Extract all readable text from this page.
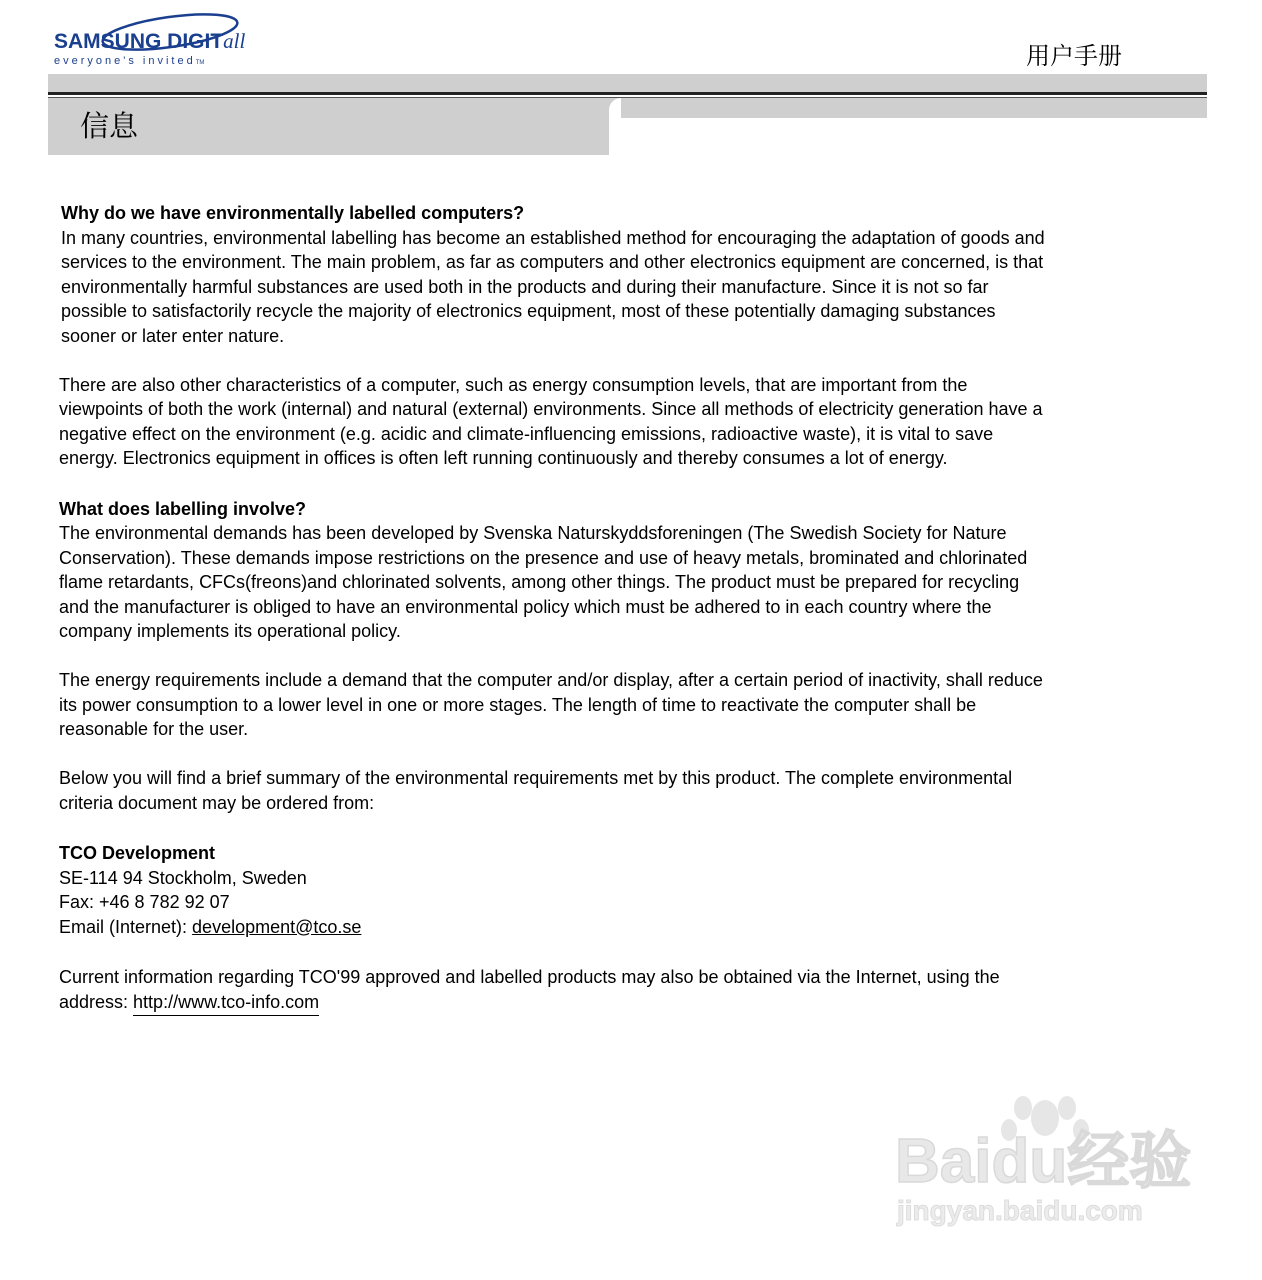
SAMSUNG DIGITall
everyone's invitedTM	用户手册
信息

Why do we have environmentally labelled computers?

In many countries, environmental labelling has become an established method for encouraging the adaptation of goods and services to the environment. The main problem, as far as computers and other electronics equipment are concerned, is that environmentally harmful substances are used both in the products and during their manufacture. Since it is not so far possible to satisfactorily recycle the majority of electronics equipment, most of these potentially damaging substances sooner or later enter nature.

There are also other characteristics of a computer, such as energy consumption levels, that are important from the viewpoints of both the work (internal) and natural (external) environments. Since all methods of electricity generation have a negative effect on the environment (e.g. acidic and climate-influencing emissions, radioactive waste), it is vital to save energy. Electronics equipment in offices is often left running continuously and thereby consumes a lot of energy.

What does labelling involve?

The environmental demands has been developed by Svenska Naturskyddsforeningen (The Swedish Society for Nature Conservation). These demands impose restrictions on the presence and use of heavy metals, brominated and chlorinated flame retardants, CFCs(freons)and chlorinated solvents, among other things. The product must be prepared for recycling and the manufacturer is obliged to have an environmental policy which must be adhered to in each country where the company implements its operational policy.

The energy requirements include a demand that the computer and/or display, after a certain period of inactivity, shall reduce its power consumption to a lower level in one or more stages. The length of time to reactivate the computer shall be reasonable for the user.

Below you will find a brief summary of the environmental requirements met by this product. The complete environmental criteria document may be ordered from:

TCO Development

SE-114 94 Stockholm, Sweden

Fax: +46 8 782 92 07

Email (Internet): development@tco.se

Current information regarding TCO'99 approved and labelled products may also be obtained via the Internet, using the address: http://www.tco-info.com

Baidu经验
jingyan.baidu.com
